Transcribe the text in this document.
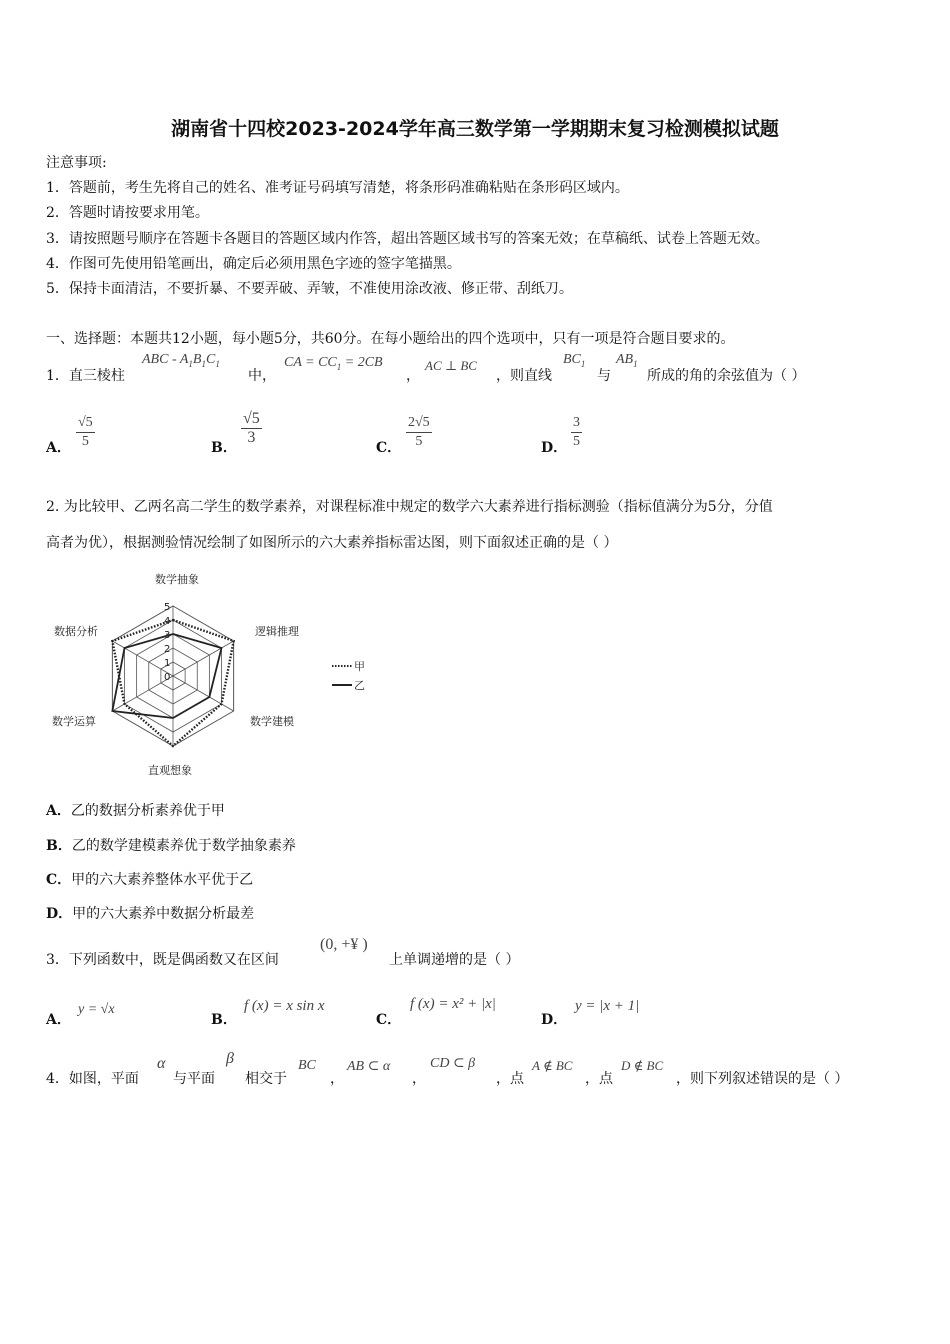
湖南省十四校2023-2024学年高三数学第一学期期末复习检测模拟试题
注意事项:
1．答题前，考生先将自己的姓名、准考证号码填写清楚，将条形码准确粘贴在条形码区域内。
2．答题时请按要求用笔。
3．请按照题号顺序在答题卡各题目的答题区域内作答，超出答题区域书写的答案无效；在草稿纸、试卷上答题无效。
4．作图可先使用铅笔画出，确定后必须用黑色字迹的签字笔描黑。
5．保持卡面清洁，不要折暴、不要弄破、弄皱，不准使用涂改液、修正带、刮纸刀。
一、选择题：本题共12小题，每小题5分，共60分。在每小题给出的四个选项中，只有一项是符合题目要求的。
1．直三棱柱
ABC - $A_1B_1C_1$
中，
CA = $CC_1 = 2CB$
，
AC ⊥ BC
，则直线
$BC_1$
与
$AB_1$
所成的角的余弦值为（ ）
A． $\frac{√5}{5}$	B．
$\frac{√5}{3}$
C． $\frac{2√5}{5}$	D． $\frac{3}{5}$
2. 为比较甲、乙两名高二学生的数学素养，对课程标准中规定的数学六大素养进行指标测验（指标值满分为5分，分值
高者为优），根据测验情况绘制了如图所示的六大素养指标雷达图，则下面叙述正确的是（ ）
0
1
2
3
4
5
数学抽象
逻辑推理
数学建模
直观想象
数学运算
数据分析
甲
乙
A．乙的数据分析素养优于甲
B．乙的数学建模素养优于数学抽象素养
C．甲的六大素养整体水平优于乙
D．甲的六大素养中数据分析最差
3．下列函数中，既是偶函数又在区间
(0, +¥ )
上单调递增的是（ ）
A．
y = √x
B．
f (x) = x sin x
C．
f (x) = x² + |x|
D．
y = |x + 1|
4．如图，平面
α
与平面
β
相交于
BC
，
AB ⊂ α
，
CD ⊂ β
，点
A ∉ BC
，点
D ∉ BC
，则下列叙述错误的是（ ）
